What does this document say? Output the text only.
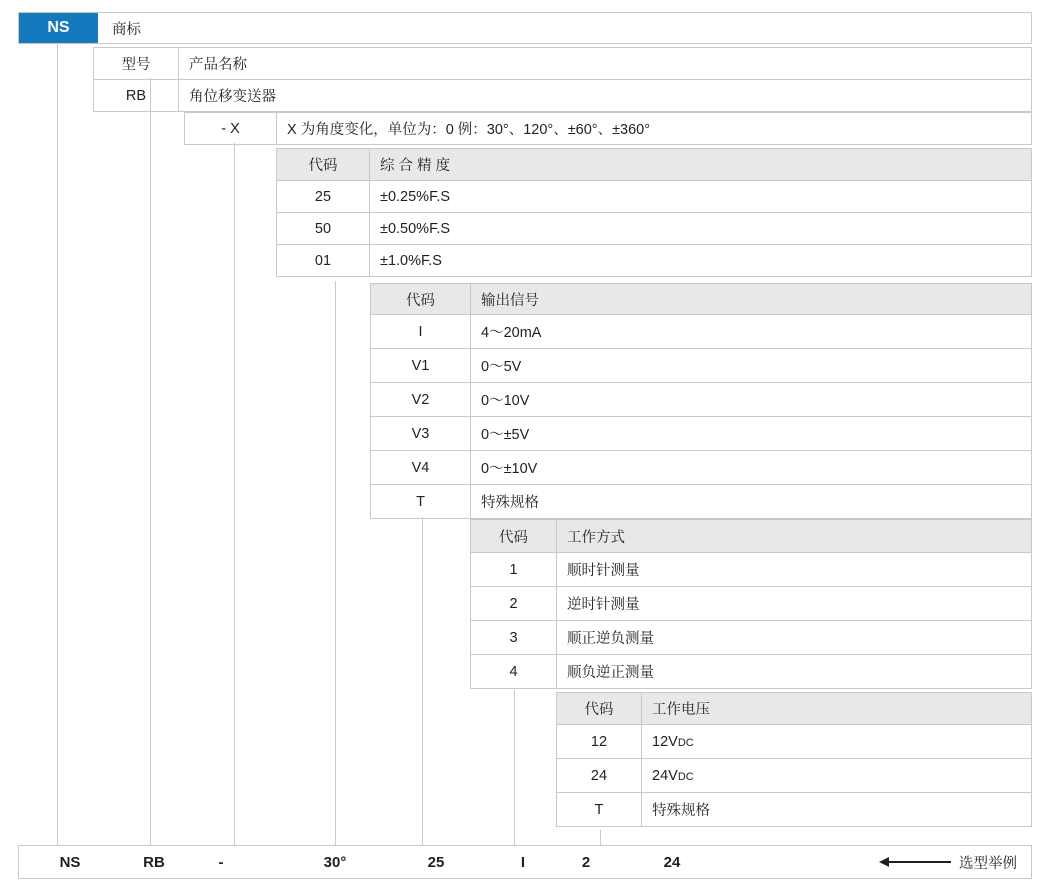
NS	商标
型号	产品名称
RB	角位移变送器
- X	X 为角度变化，单位为：0 例：30°、120°、±60°、±360°
代码	综 合 精 度
25	±0.25%F.S
50	±0.50%F.S
01	±1.0%F.S
代码	输出信号
I	4～20mA
V1	0～5V
V2	0～10V
V3	0～±5V
V4	0～±10V
T	特殊规格
代码	工作方式
1	顺时针测量
2	逆时针测量
3	顺正逆负测量
4	顺负逆正测量
代码	工作电压
12	12VDC
24	24VDC
T	特殊规格
NS	RB	-	30°	25	I	2	24	选型举例
